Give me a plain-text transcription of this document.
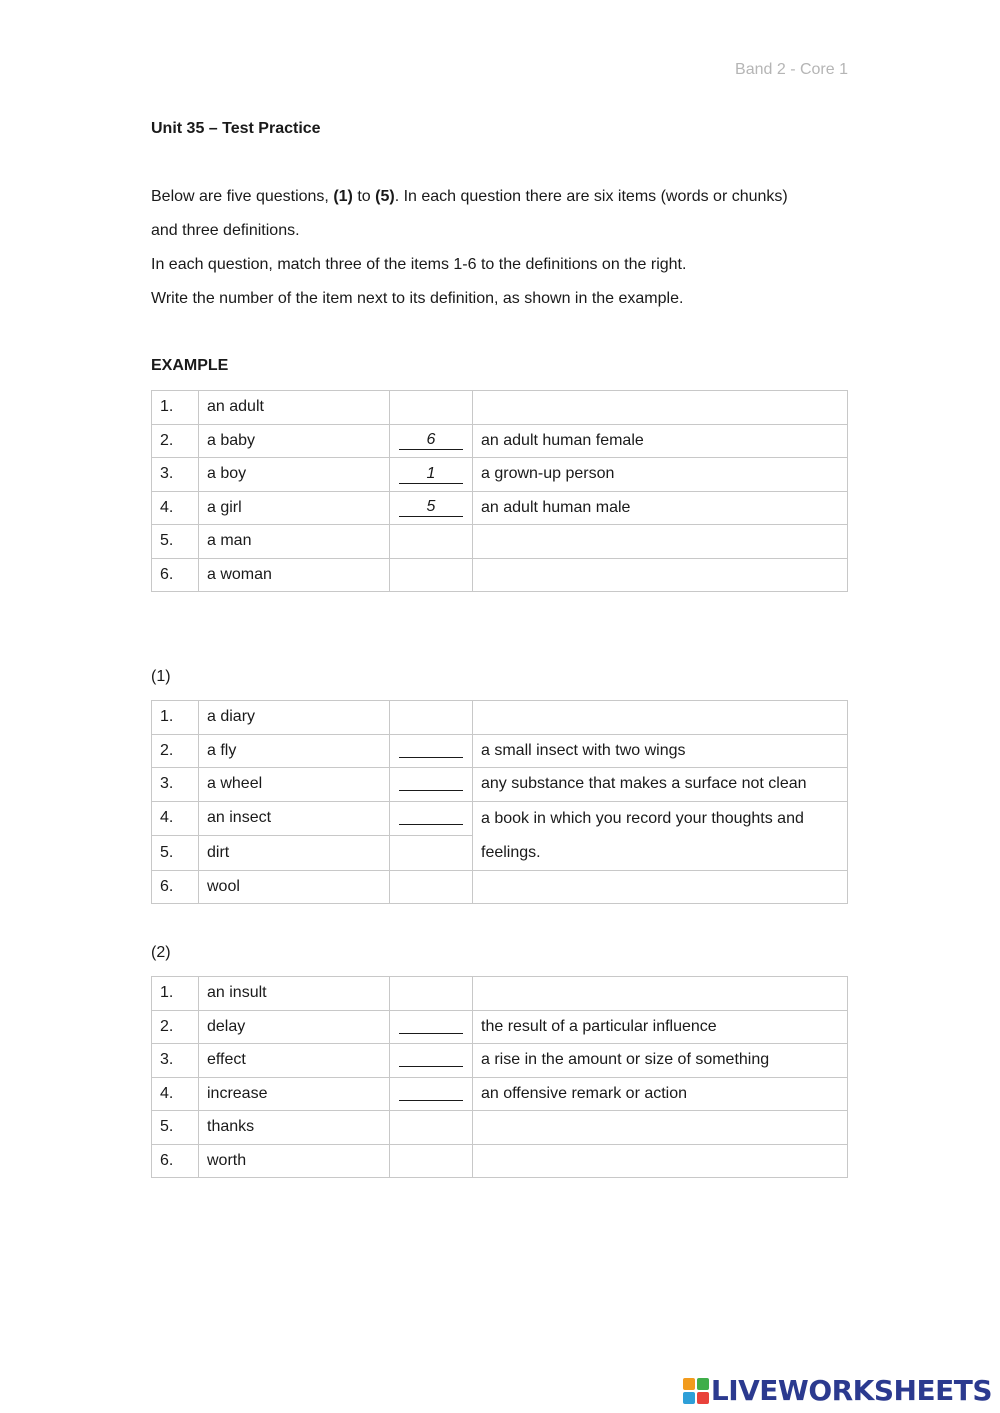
Band 2 - Core 1
Unit 35 – Test Practice
Below are five questions, (1) to (5). In each question there are six items (words or chunks)
and three definitions.
In each question, match three of the items 1-6 to the definitions on the right.
Write the number of the item next to its definition, as shown in the example.
EXAMPLE
1.	an adult		
2.	a baby	6	an adult human female
3.	a boy	1	a grown-up person
4.	a girl	5	an adult human male
5.	a man		
6.	a woman		
(1)
1.	a diary		
2.	a fly		a small insect with two wings
3.	a wheel		any substance that makes a surface not clean
4.	an insect		a book in which you record your thoughts and
feelings.

5.	dirt		
6.	wool		
(2)
1.	an insult		
2.	delay		the result of a particular influence
3.	effect		a rise in the amount or size of something
4.	increase		an offensive remark or action
5.	thanks		
6.	worth		
LIVEWORKSHEETS
